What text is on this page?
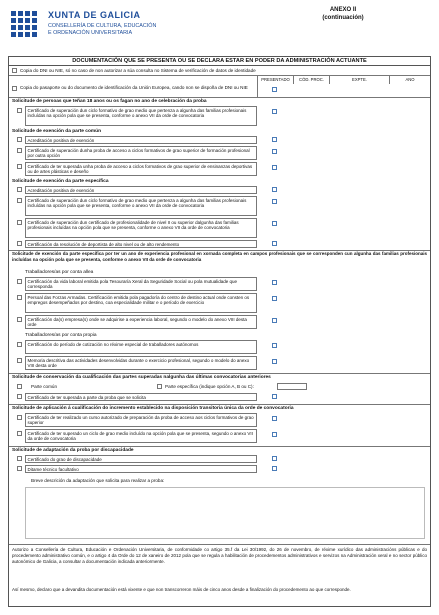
XUNTA DE GALICIA
CONSELLERÍA DE CULTURA, EDUCACIÓN
E ORDENACIÓN UNIVERSITARIA
ANEXO II
(continuación)
DOCUMENTACIÓN QUE SE PRESENTA OU SE DECLARA ESTAR EN PODER DA ADMINISTRACIÓN ACTUANTE
Copia do DNI ou NIE, só no caso de non autorizar a súa consulta no Sistema de verificación de datos de identidade
PRESENTADO	CÓD. PROC.	EXPTE.	ANO
Copia do pasaporte ou do documento de identificación da Unión Europea, cando non se dispoña de DNI ou NIE
Solicitude de persoas que teñan 18 anos ou os fagan no ano de celebración da proba
Certificado de superación dun ciclo formativo de grao medio que pertenza a algunha das familias profesionais incluídas na opción pola que se presenta, conforme o anexo VII da orde de convocatoria
Solicitude de exención da parte común
Acreditación positiva de exención
Certificado de superación dunha proba de acceso a ciclos formativos de grao superior de formación profesional por outra opción
Certificado de ter superada unha proba de acceso a ciclos formativos de grao superior de ensinanzas deportivas ou de artes plásticas e deseño
Solicitude de exención da parte específica
Acreditación positiva de exención
Certificado de superación dun ciclo formativo de grao medio que pertenza a algunha das familias profesionais incluídas na opción pola que se presenta, conforme o anexo VII da orde de convocatoria
Certificado de superación dun certificado de profesionalidade de nivel II ou superior dalgunha das familias profesionais incluídas na opción pola que se presenta, conforme o anexo VII da orde de convocatoria
Certificación da resolución de deportista de alto nivel ou de alto rendemento
Solicitude de exención da parte específica por ter un ano de experiencia profesional en xornada completa en campos profesionais que se corresponden cun algunha das familias profesionais incluídas na opción pola que se presenta, conforme o anexo VII da orde de convocatoria
Traballadores/as por conta allea
Certificación da vida laboral emitida pola Tesouraría Xeral da Seguridade Social ou pola mutualidade que corresponda
Persoal das Forzas Armadas. Certificación emitida pola pagadoría do centro de destino actual onde consten os empregos desempeñados por destino, coa especialidade militar e o período de exercicio
Certificación da(s) empresa(s) onde se adquirise a experiencia laboral, segundo o modelo do anexo VIII desta orde
Traballadores/as por conta propia
Certificación do período de cotización no réxime especial de traballadores autónomos
Memoria descritiva das actividades desenvolvidas durante o exercicio profesional, segundo o modelo do anexo VIII desta orde
Solicitude de conservación da cualificación das partes superadas nalgunha das últimas convocatorias anteriores
Parte común	Parte específica (indique opción A, B ou C):
Certificado de ter superada a parte da proba que se solicita
Solicitude de aplicación á cualificación do incremento establecido na disposición transitoria única da orde de convocatoria
Certificado de ter realizado un curso autorizado de preparación da proba de acceso aos ciclos formativos de grao superior
Certificado de ter superado un ciclo de grao medio incluído na opción pola que se presenta, segundo o anexo VII da orde de convocatoria
Solicitude de adaptación da proba por discapacidade
Certificado do grao de discapacidade
Ditame técnico facultativo
Breve descrición da adaptación que solicita para realizar a proba:
Autorizo a Consellería de Cultura, Educación e Ordenación Universitaria, de conformidade co artigo 35.f da Lei 30/1992, do 26 de novembro, de réxime xurídico das administracións públicas e do procedemento administrativo común, e o artigo 4 da Orde do 12 de xaneiro de 2012 pola que se regula a habilitación de procedementos administrativos e servizos na Administración xeral e no sector público autonómico de Galicia, a consultar a documentación indicada anteriormente.
Así mesmo, declaro que a devandita documentación está vixente e que non transcorreron máis de cinco anos desde a finalización do procedemento ao que corresponde.
